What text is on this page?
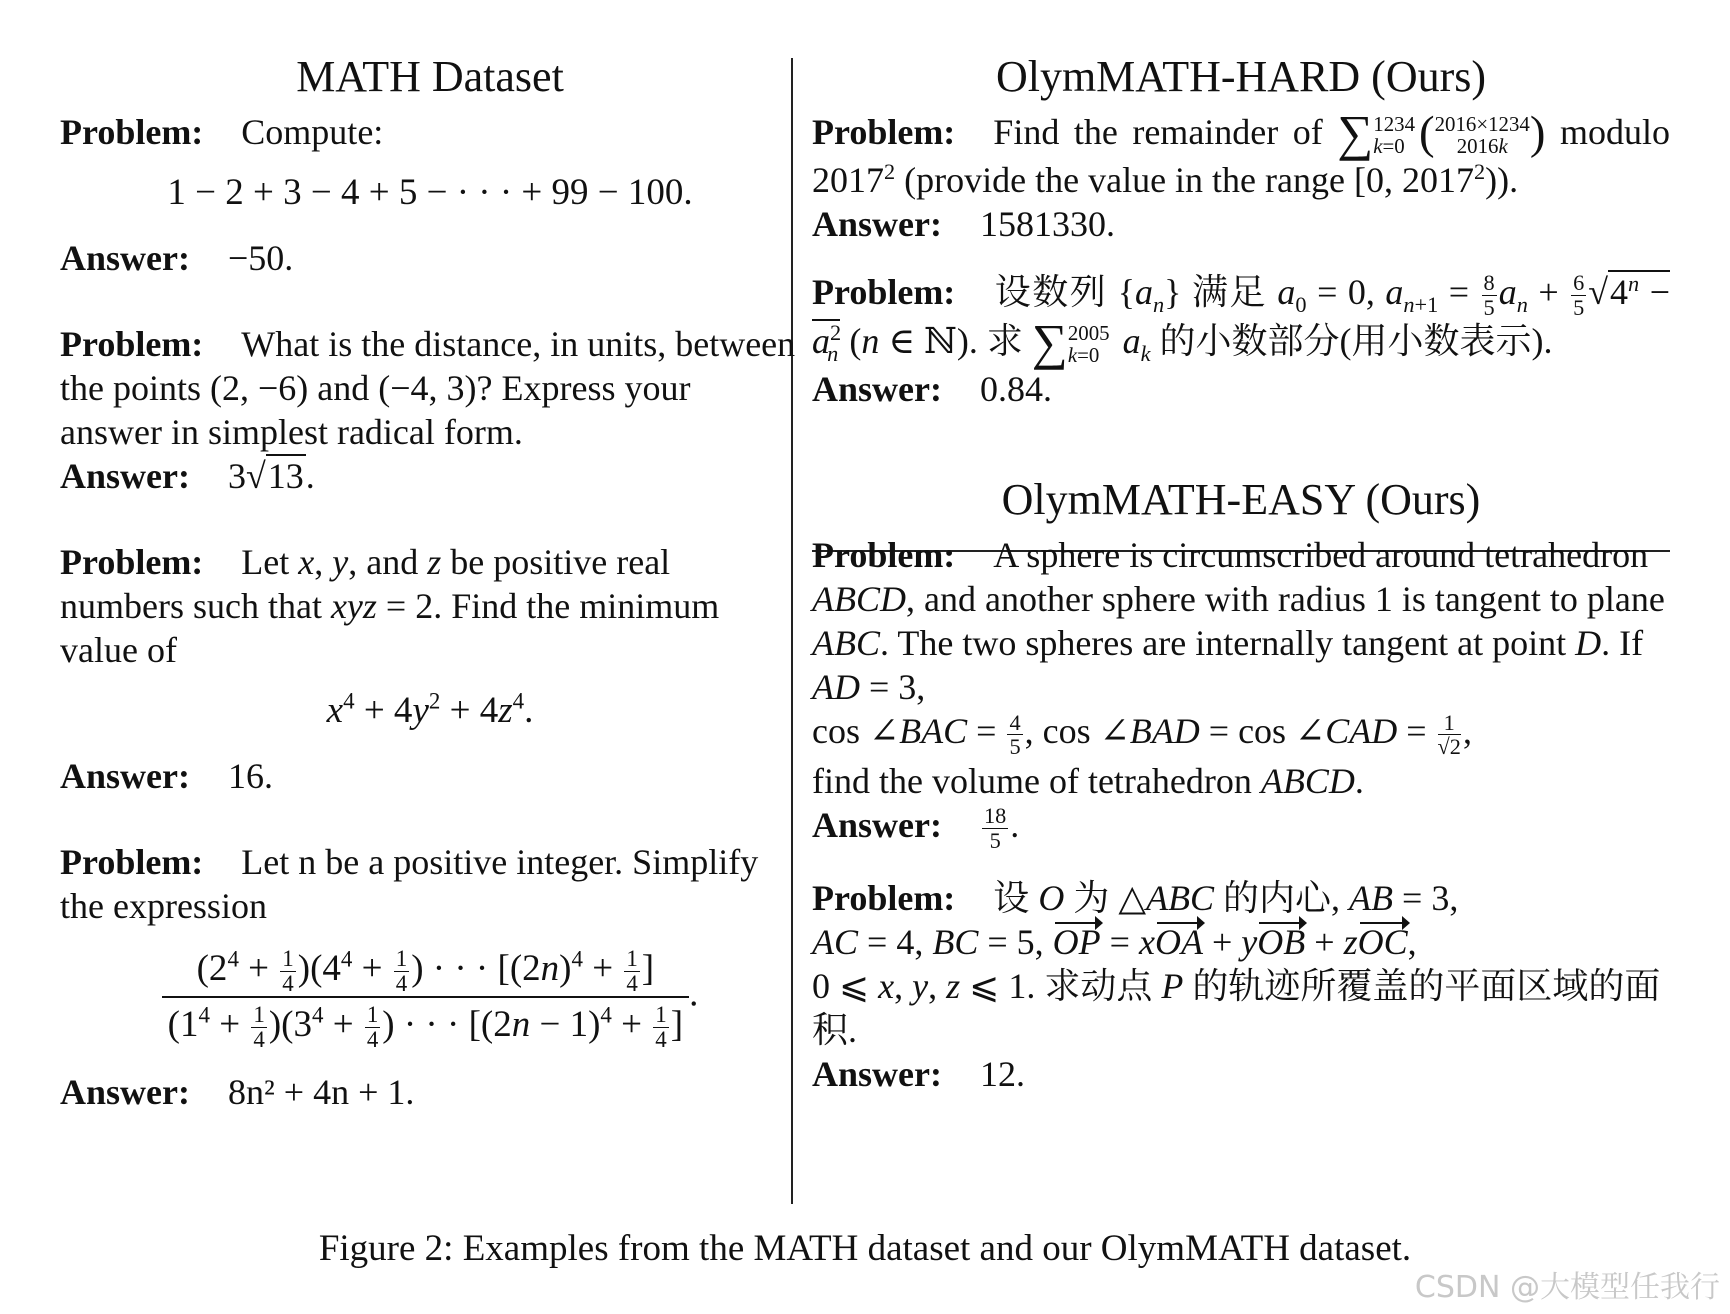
MATH Dataset

Problem: Compute:

1 − 2 + 3 − 4 + 5 − · · · + 99 − 100.

Answer: −50.

Problem: What is the distance, in units, between the points (2, −6) and (−4, 3)? Express your answer in simplest radical form.

Answer: 3√13.

Problem: Let x, y, and z be positive real numbers such that xyz = 2. Find the minimum value of

$x^4 + 4y^2 + 4z^4$.

Answer: 16.

Problem: Let n be a positive integer. Simplify the expression

$\frac{(2^4 + \frac{1}{4} )(4^4 + \frac{1}{4} ) \cdot \cdot \cdot [(2n)^4 + \frac{1}{4} ]}{(1^4 + \frac{1}{4} )(3^4 + \frac{1}{4} ) \cdot \cdot \cdot [(2n - 1)^4 + \frac{1}{4} ]}$ .

Answer: 8n² + 4n + 1.

OlymMATH-HARD (Ours)

Problem: Find the remainder of ∑ 1234
k=0 ( 2016×1234
2016k ) modulo 2017$^2$ (provide the value in the range [0, 2017$^2$)).

Answer: 1581330.

Problem: 设数列 $\{a_n\}$ 满足 $a_0 = 0$, $a_{n+1} = \frac{8}{5} a_n + \frac{6}{5} √4^n - a^2_n$ (n ∈ ℕ). 求 ∑ 2005
k=0 $a_k$ 的小数部分(用小数表示).

Answer: 0.84.

OlymMATH-EASY (Ours)

Problem: A sphere is circumscribed around tetrahedron ABCD, and another sphere with radius 1 is tangent to plane ABC. The two spheres are internally tangent at point D. If AD = 3,
cos ∠BAC = $\frac{4}{5}$ , cos ∠BAD = cos ∠CAD = $\frac{1}{√2}$ ,
find the volume of tetrahedron ABCD.

Answer: $\frac{18}{5}$ .

Problem: 设 O 为 △ABC 的内心, AB = 3,
AC = 4, BC = 5, OP = xOA + yOB + zOC,
0 ⩽ x, y, z ⩽ 1. 求动点 P 的轨迹所覆盖的平面区域的面积.

Answer: 12.

Figure 2: Examples from the MATH dataset and our OlymMATH dataset.
CSDN @大模型任我行
